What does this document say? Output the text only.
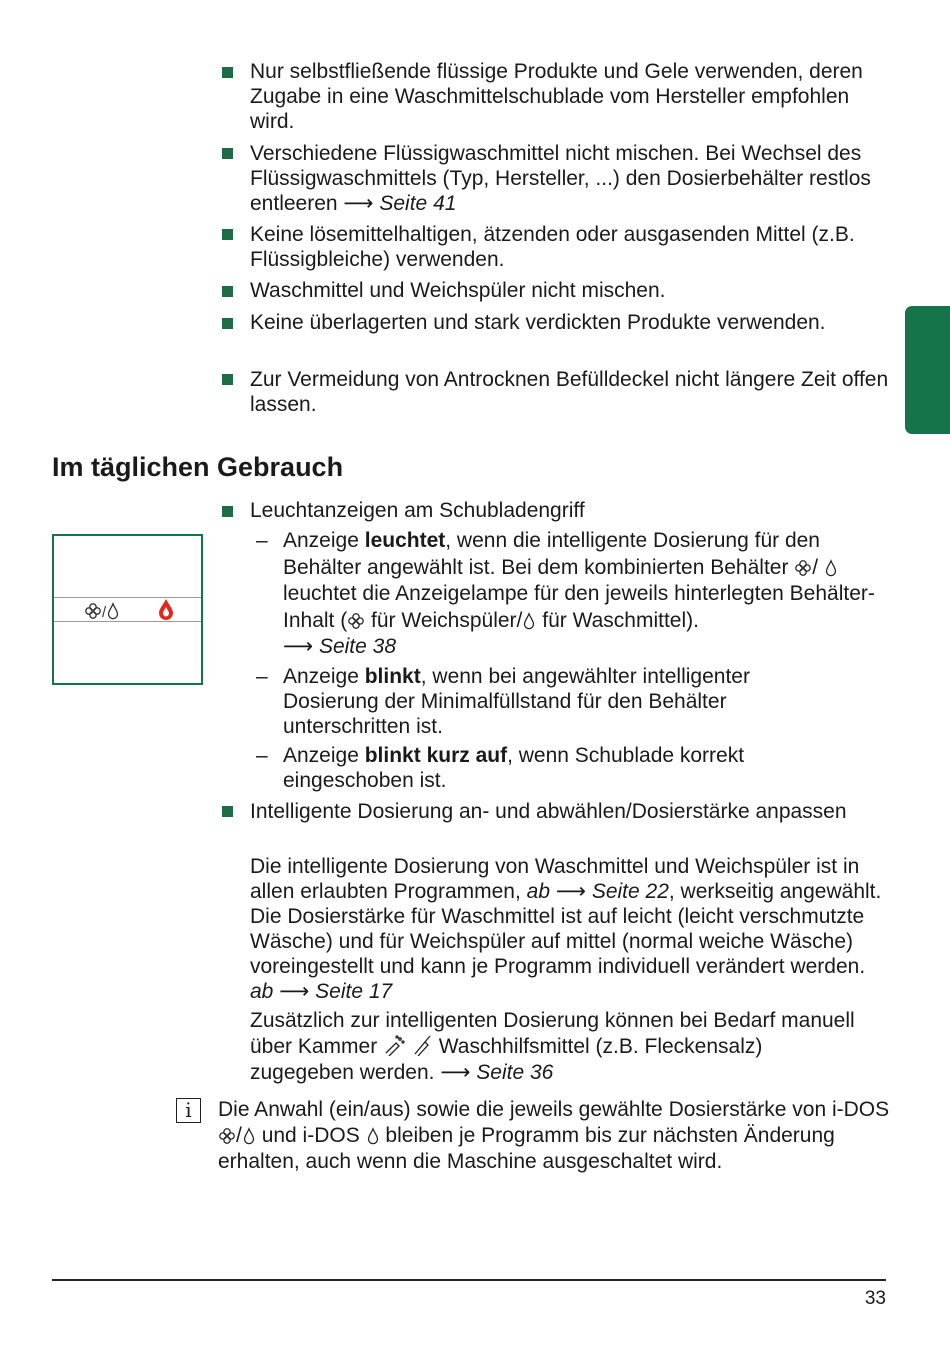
Nur selbstfließende flüssige Produkte und Gele verwenden, deren Zugabe in eine Waschmittelschublade vom Hersteller empfohlen wird.
Verschiedene Flüssigwaschmittel nicht mischen. Bei Wechsel des Flüssigwaschmittels (Typ, Hersteller, ...) den Dosierbehälter restlos entleeren ⟶ Seite 41
Keine lösemittelhaltigen, ätzenden oder ausgasenden Mittel (z.B. Flüssigbleiche) verwenden.
Waschmittel und Weichspüler nicht mischen.
Keine überlagerten und stark verdickten Produkte verwenden.
Zur Vermeidung von Antrocknen Befülldeckel nicht längere Zeit offen lassen.
Im täglichen Gebrauch
/
Leuchtanzeigen am Schubladengriff
– Anzeige leuchtet, wenn die intelligente Dosierung für den Behälter angewählt ist. Bei dem kombinierten Behälter /  leuchtet die Anzeigelampe für den jeweils hinterlegten Behälter-Inhalt ( für Weichspüler/ für Waschmittel).
⟶ Seite 38
– Anzeige blinkt, wenn bei angewählter intelligenter Dosierung der Minimalfüllstand für den Behälter unterschritten ist.
– Anzeige blinkt kurz auf, wenn Schublade korrekt eingeschoben ist.
Intelligente Dosierung an- und abwählen/Dosierstärke anpassen
Die intelligente Dosierung von Waschmittel und Weichspüler ist in allen erlaubten Programmen, ab ⟶ Seite 22, werkseitig angewählt. Die Dosierstärke für Waschmittel ist auf leicht (leicht verschmutzte Wäsche) und für Weichspüler auf mittel (normal weiche Wäsche) voreingestellt und kann je Programm individuell verändert werden. ab ⟶ Seite 17
Zusätzlich zur intelligenten Dosierung können bei Bedarf manuell über Kammer	Waschhilfsmittel (z.B. Fleckensalz) zugegeben werden. ⟶ Seite 36
i	Die Anwahl (ein/aus) sowie die jeweils gewählte Dosierstärke von i-DOS / und i-DOS bleiben je Programm bis zur nächsten Änderung erhalten, auch wenn die Maschine ausgeschaltet wird.
33
